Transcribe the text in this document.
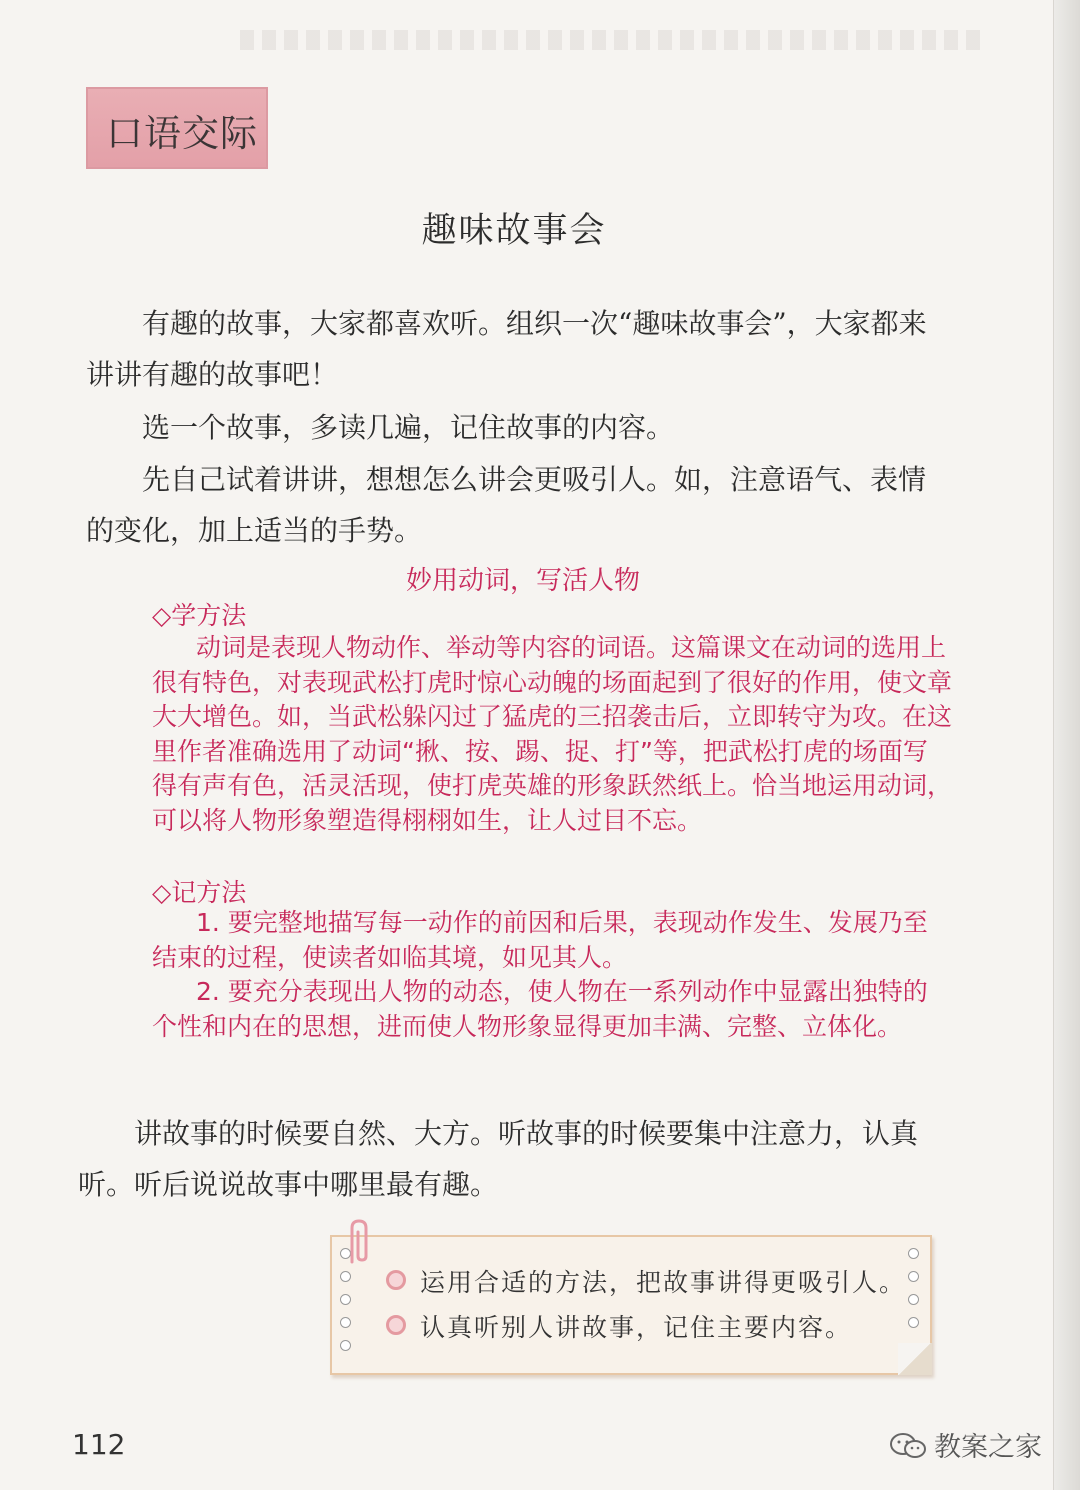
口语交际
趣味故事会

有趣的故事，大家都喜欢听。组织一次“趣味故事会”，大家都来讲讲有趣的故事吧！

选一个故事，多读几遍，记住故事的内容。

先自己试着讲讲，想想怎么讲会更吸引人。如，注意语气、表情的变化，加上适当的手势。

妙用动词，写活人物
◇学方法

动词是表现人物动作、举动等内容的词语。这篇课文在动词的选用上很有特色，对表现武松打虎时惊心动魄的场面起到了很好的作用，使文章大大增色。如，当武松躲闪过了猛虎的三招袭击后，立即转守为攻。在这里作者准确选用了动词“揪、按、踢、捉、打”等，把武松打虎的场面写得有声有色，活灵活现，使打虎英雄的形象跃然纸上。恰当地运用动词，可以将人物形象塑造得栩栩如生，让人过目不忘。

◇记方法

1. 要完整地描写每一动作的前因和后果，表现动作发生、发展乃至结束的过程，使读者如临其境，如见其人。

2. 要充分表现出人物的动态，使人物在一系列动作中显露出独特的个性和内在的思想，进而使人物形象显得更加丰满、完整、立体化。

讲故事的时候要自然、大方。听故事的时候要集中注意力，认真听。听后说说故事中哪里最有趣。

运用合适的方法，把故事讲得更吸引人。
认真听别人讲故事，记住主要内容。
112	教案之家
